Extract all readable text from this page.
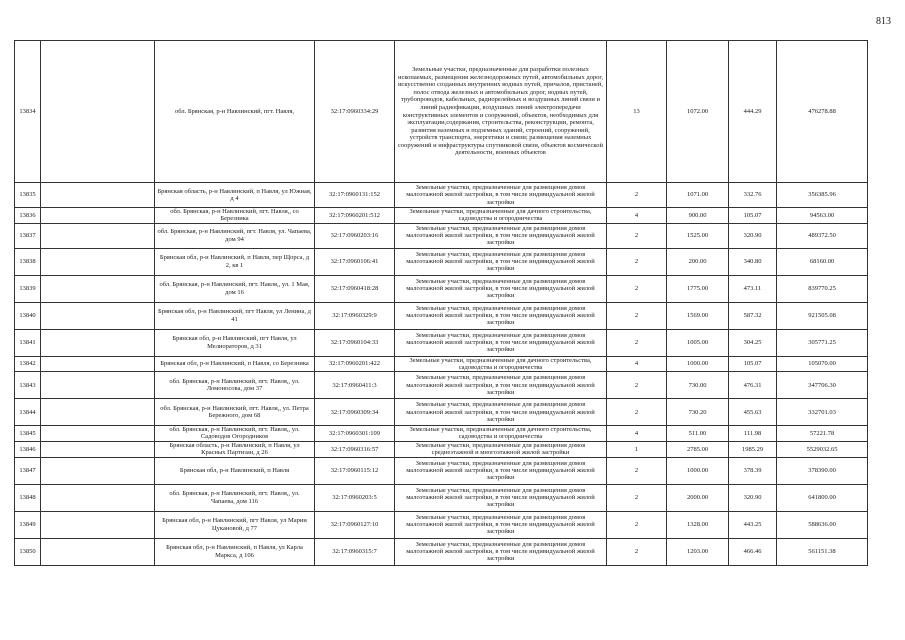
813
13834		обл. Брянская, р-н Навлинский, пгт. Навля,	32:17:0960334:29	Земельные участки, предназначенные для разработки полезных ископаемых, размещения железнодорожных путей, автомобильных дорог, искусственно созданных внутренних водных путей, причалов, пристаней, полос отвода железных и автомобильных дорог, водных путей, трубопроводов, кабельных, радиорелейных и воздушных линий связи и линий радиофикации, воздушных линий электропередачи конструктивных элементов и сооружений, объектов, необходимых для эксплуатации,содержания, строительства, реконструкции, ремонта, развития наземных и подземных зданий, строений, сооружений, устройств транспорта, энергетики и связи; размещения наземных сооружений и инфраструктуры спутниковой связи, объектов космической деятельности, военных объектов	13	1072.00	444.29	476278.88
13835		Брянская область, р-н Навлинский, п Навля, ул Южная, д 4	32:17:0960131:152	Земельные участки, предназначенные для размещения домов малоэтажной жилой застройки, в том числе индивидуальной жилой застройки	2	1071.00	332.76	356385.96
13836		обл. Брянская, р-н Навлинский, пгт. Навля,, со Березника	32:17:0960201:512	Земельные участки, предназначенные для дачного строительства, садоводства и огородничества	4	900.00	105.07	94563.00
13837		обл. Брянская, р-н Навлинский, пгт. Навля, ул. Чапаева, дом 94	32:17:0960203:16	Земельные участки, предназначенные для размещения домов малоэтажной жилой застройки, в том числе индивидуальной жилой застройки	2	1525.00	320.90	489372.50
13838		Брянская обл, р-н Навлинский, п Навля, пер Щорса, д 2, кв 1	32:17:0960106:41	Земельные участки, предназначенные для размещения домов малоэтажной жилой застройки, в том числе индивидуальной жилой застройки	2	200.00	340.80	68160.00
13839		обл. Брянская, р-н Навлинский, пгт. Навля,, ул. 1 Мая, дом 16	32:17:0960418:28	Земельные участки, предназначенные для размещения домов малоэтажной жилой застройки, в том числе индивидуальной жилой застройки	2	1775.00	473.11	839770.25
13840		Брянская обл, р-н Навлинский, пгт Навля, ул Ленина, д 41	32:17:0960329:9	Земельные участки, предназначенные для размещения домов малоэтажной жилой застройки, в том числе индивидуальной жилой застройки	2	1569.00	587.32	921505.08
13841		Брянская обл, р-н Навлинский, пгт Навля, ул Мелиораторов, д 31	32:17:0960104:33	Земельные участки, предназначенные для размещения домов малоэтажной жилой застройки, в том числе индивидуальной жилой застройки	2	1005.00	304.25	305771.25
13842		Брянская обл, р-н Навлинский, п Навля, со Березника	32:17:0960201:422	Земельные участки, предназначенные для дачного строительства, садоводства и огородничества	4	1000.00	105.07	105070.00
13843		обл. Брянская, р-н Навлинский, пгт. Навля,, ул. Ломоносова, дом 37	32:17:0960411:3	Земельные участки, предназначенные для размещения домов малоэтажной жилой застройки, в том числе индивидуальной жилой застройки	2	730.00	476.31	347706.30
13844		обл. Брянская, р-н Навлинский, пгт. Навля,, ул. Петра Бережного, дом 68	32:17:0960309:34	Земельные участки, предназначенные для размещения домов малоэтажной жилой застройки, в том числе индивидуальной жилой застройки	2	730.20	455.63	332701.03
13845		обл. Брянская, р-н Навлинский, пгт. Навля,, ул. Садоводов Огородников	32:17:0960301:109	Земельные участки, предназначенные для дачного строительства, садоводства и огородничества	4	511.00	111.98	57221.78
13846		Брянская область, р-н Навлинский, п Навля, ул Красных Партизан, д 26	32:17:0960316:57	Земельные участки, предназначенные для размещения домов среднеэтажной и многоэтажной жилой застройки	1	2785.00	1985.29	5529032.65
13847		Брянская обл, р-н Навлинский, п Навля	32:17:0960115:12	Земельные участки, предназначенные для размещения домов малоэтажной жилой застройки, в том числе индивидуальной жилой застройки	2	1000.00	378.39	378390.00
13848		обл. Брянская, р-н Навлинский, пгт. Навля,, ул. Чапаева, дом 116	32:17:0960203:5	Земельные участки, предназначенные для размещения домов малоэтажной жилой застройки, в том числе индивидуальной жилой застройки	2	2000.00	320.90	641800.00
13849		Брянская обл, р-н Навлинский, пгт Навля, ул Марии Цукановой, д 77	32:17:0960127:10	Земельные участки, предназначенные для размещения домов малоэтажной жилой застройки, в том числе индивидуальной жилой застройки	2	1328.00	443.25	588636.00
13850		Брянская обл, р-н Навлинский, п Навля, ул Карла Маркса, д 106	32:17:0960315:7	Земельные участки, предназначенные для размещения домов малоэтажной жилой застройки, в том числе индивидуальной жилой застройки	2	1203.00	466.46	561151.38
